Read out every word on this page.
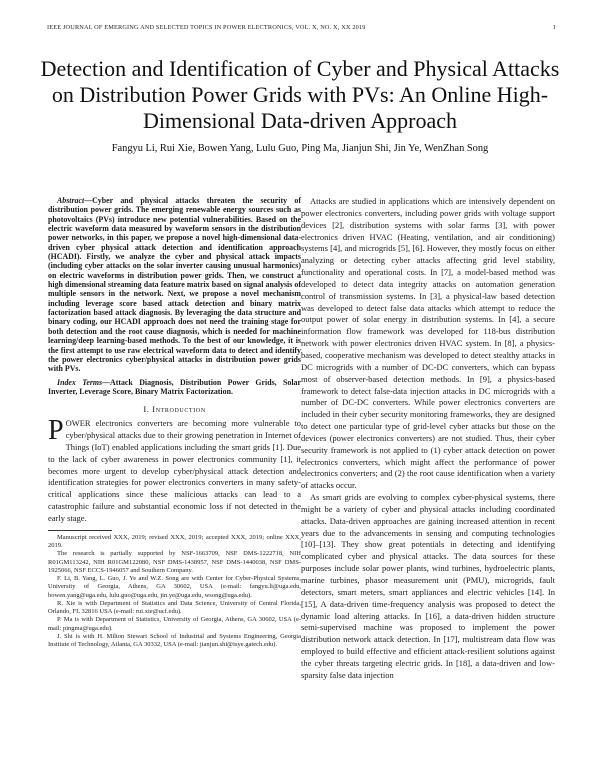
IEEE JOURNAL OF EMERGING AND SELECTED TOPICS IN POWER ELECTRONICS, VOL. X, NO. X, XX 2019	1
Detection and Identification of Cyber and Physical Attacks on Distribution Power Grids with PVs: An Online High-Dimensional Data-driven Approach
Fangyu Li, Rui Xie, Bowen Yang, Lulu Guo, Ping Ma, Jianjun Shi, Jin Ye, WenZhan Song

Abstract—Cyber and physical attacks threaten the security of distribution power grids. The emerging renewable energy sources such as photovoltaics (PVs) introduce new potential vulnerabilities. Based on the electric waveform data measured by waveform sensors in the distribution power networks, in this paper, we propose a novel high-dimensional data-driven cyber physical attack detection and identification approach (HCADI). Firstly, we analyze the cyber and physical attack impacts (including cyber attacks on the solar inverter causing unusual harmonics) on electric waveforms in distribution power grids. Then, we construct a high dimensional streaming data feature matrix based on signal analysis of multiple sensors in the network. Next, we propose a novel mechanism including leverage score based attack detection and binary matrix factorization based attack diagnosis. By leveraging the data structure and binary coding, our HCADI approach does not need the training stage for both detection and the root cause diagnosis, which is needed for machine learning/deep learning-based methods. To the best of our knowledge, it is the first attempt to use raw electrical waveform data to detect and identify the power electronics cyber/physical attacks in distribution power grids with PVs.

Index Terms—Attack Diagnosis, Distribution Power Grids, Solar Inverter, Leverage Score, Binary Matrix Factorization.

I. Introduction

POWER electronics converters are becoming more vulnerable to cyber/physical attacks due to their growing penetration in Internet of Things (IoT) enabled applications including the smart grids [1]. Due to the lack of cyber awareness in power electronics community [1], it becomes more urgent to develop cyber/physical attack detection and identification strategies for power electronics converters in many safety-critical applications since these malicious attacks can lead to a catastrophic failure and substantial economic loss if not detected in the early stage.

Manuscript received XXX, 2019; revised XXX, 2019; accepted XXX, 2019; online XXX, 2019.

The research is partially supported by NSF-1663709, NSF DMS-1222718, NIH R01GM113242, NIH R01GM122080, NSF DMS-1438957, NSF DMS-1440038, NSF DMS-1925066, NSF ECCS-1946057 and Southern Company.

F. Li, B. Yang, L. Guo, J. Ye and W.Z. Song are with Center for Cyber-Physical Systems, University of Georgia, Athens, GA 30602, USA (e-mail: fangyu.li@uga.edu, bowen.yang@uga.edu, lulu.guo@uga.edu, jin.ye@uga.edu, wsong@uga.edu).

R. Xie is with Department of Statistics and Data Science, University of Central Florida, Orlando, FL 32816 USA (e-mail: rui.xie@ucf.edu).

P. Ma is with Department of Statistics, University of Georgia, Athens, GA 30602, USA (e-mail: pingma@uga.edu).

J. Shi is with H. Milton Stewart School of Industrial and Systems Engineering, Georgia Institute of Technology, Atlanta, GA 30332, USA (e-mail: jianjun.shi@isye.gatech.edu).

Attacks are studied in applications which are intensively dependent on power electronics converters, including power grids with voltage support devices [2], distribution systems with solar farms [3], with power electronics driven HVAC (Heating, ventilation, and air conditioning) systems [4], and microgrids [5], [6]. However, they mostly focus on either analyzing or detecting cyber attacks affecting grid level stability, functionality and operational costs. In [7], a model-based method was developed to detect data integrity attacks on automation generation control of transmission systems. In [3], a physical-law based detection was developed to detect false data attacks which attempt to reduce the output power of solar energy in distribution systems. In [4], a secure information flow framework was developed for 118-bus distribution network with power electronics driven HVAC system. In [8], a physics-based, cooperative mechanism was developed to detect stealthy attacks in DC microgrids with a number of DC-DC converters, which can bypass most of observer-based detection methods. In [9], a physics-based framework to detect false-data injection attacks in DC microgrids with a number of DC-DC converters. While power electronics converters are included in their cyber security monitoring frameworks, they are designed to detect one particular type of grid-level cyber attacks but those on the devices (power electronics converters) are not studied. Thus, their cyber security framework is not applied to (1) cyber attack detection on power electronics converters, which might affect the performance of power electronics converters; and (2) the root cause identification when a variety of attacks occur.

As smart grids are evolving to complex cyber-physical systems, there might be a variety of cyber and physical attacks including coordinated attacks. Data-driven approaches are gaining increased attention in recent years due to the advancements in sensing and computing technologies [10]–[13]. They show great potentials in detecting and identifying complicated cyber and physical attacks. The data sources for these purposes include solar power plants, wind turbines, hydroelectric plants, marine turbines, phasor measurement unit (PMU), microgrids, fault detectors, smart meters, smart appliances and electric vehicles [14]. In [15], A data-driven time-frequency analysis was proposed to detect the dynamic load altering attacks. In [16], a data-driven hidden structure semi-supervised machine was proposed to implement the power distribution network attack detection. In [17], multistream data flow was employed to build effective and efficient attack-resilient solutions against the cyber threats targeting electric grids. In [18], a data-driven and low-sparsity false data injection
